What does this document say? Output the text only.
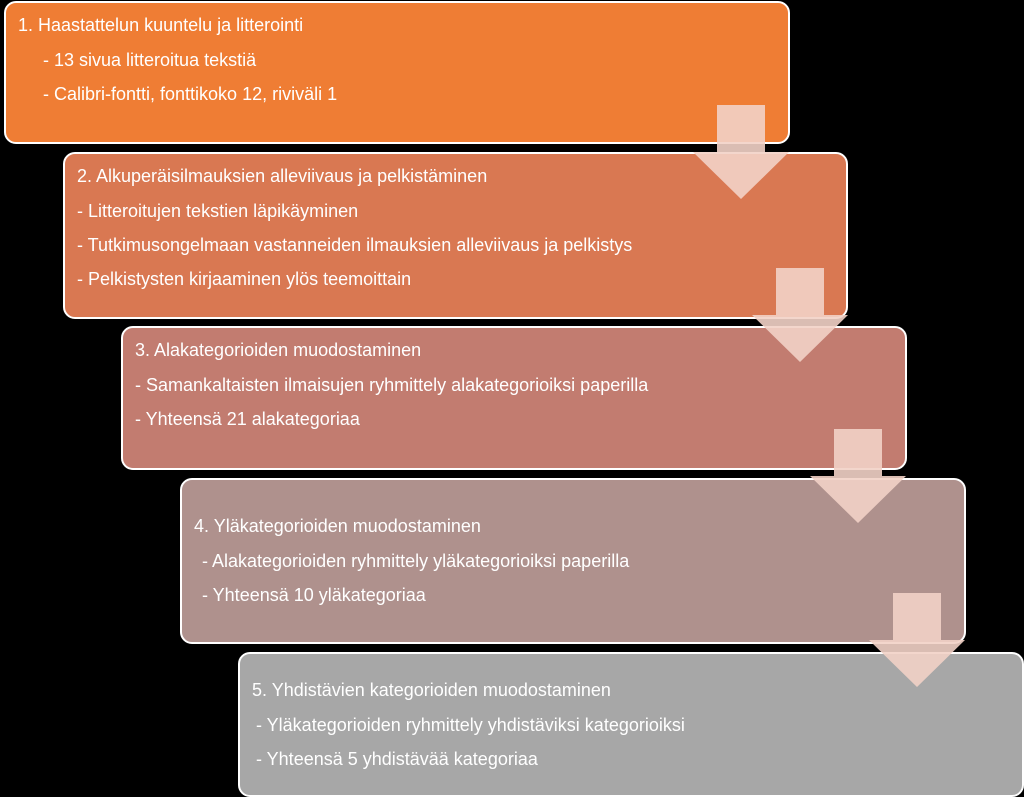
1. Haastattelun kuuntelu ja litterointi

- 13 sivua litteroitua tekstiä

- Calibri-fontti, fonttikoko 12, riviväli 1

2. Alkuperäisilmauksien alleviivaus ja pelkistäminen

- Litteroitujen tekstien läpikäyminen

- Tutkimusongelmaan vastanneiden ilmauksien alleviivaus ja pelkistys

- Pelkistysten kirjaaminen ylös teemoittain

3. Alakategorioiden muodostaminen

- Samankaltaisten ilmaisujen ryhmittely alakategorioiksi paperilla

- Yhteensä 21 alakategoriaa

4. Yläkategorioiden muodostaminen

- Alakategorioiden ryhmittely yläkategorioiksi paperilla

- Yhteensä 10 yläkategoriaa

5. Yhdistävien kategorioiden muodostaminen

- Yläkategorioiden ryhmittely yhdistäviksi kategorioiksi

- Yhteensä 5 yhdistävää kategoriaa
